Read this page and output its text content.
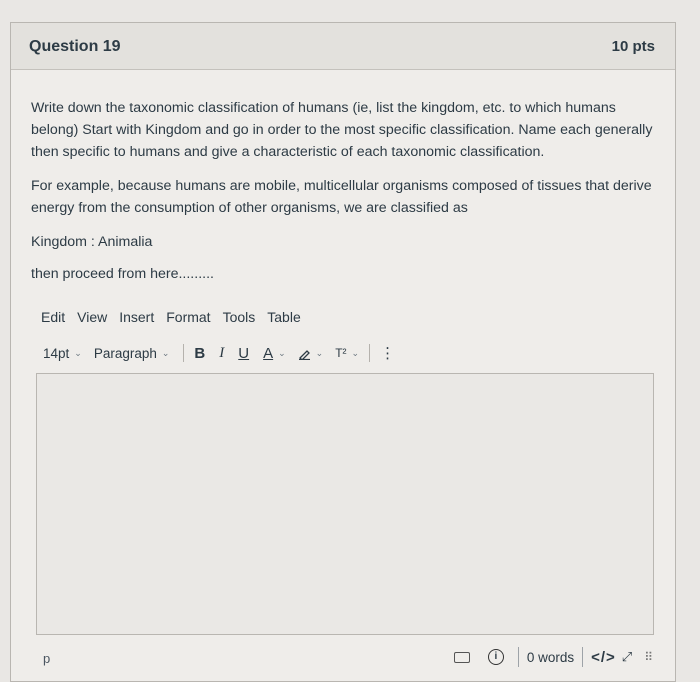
Question 19	10 pts

Write down the taxonomic classification of humans (ie, list the kingdom, etc. to which humans belong) Start with Kingdom and go in order to the most specific classification. Name each generally then specific to humans and give a characteristic of each taxonomic classification.

For example, because humans are mobile, multicellular organisms composed of tissues that derive energy from the consumption of other organisms, we are classified as

Kingdom : Animalia

then proceed from here.........

Edit View Insert Format Tools Table
14pt ⌄ Paragraph ⌄ B I U A ⌄	⌄ T² ⌄ ⋮
p	i	0 words </> ⤢ ⠿
